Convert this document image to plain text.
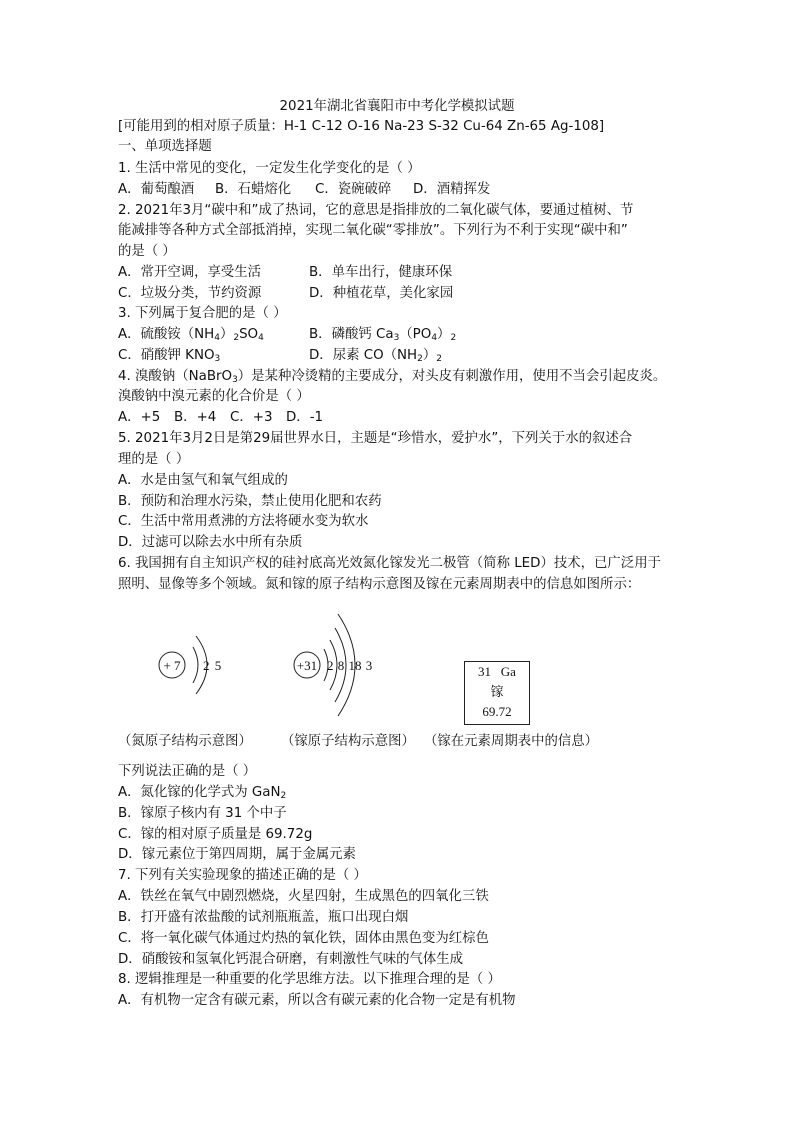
2021年湖北省襄阳市中考化学模拟试题
[可能用到的相对原子质量：H-1 C-12 O-16 Na-23 S-32 Cu-64 Zn-65 Ag-108]
一、单项选择题
1. 生活中常见的变化，一定发生化学变化的是（ ）
A．葡萄酿酒 B．石蜡熔化 C．瓷碗破碎 D．酒精挥发
2. 2021年3月“碳中和”成了热词，它的意思是指排放的二氧化碳气体，要通过植树、节
能减排等各种方式全部抵消掉，实现二氧化碳“零排放”。下列行为不利于实现“碳中和”
的是（ ）
A．常开空调，享受生活	B．单车出行，健康环保
C．垃圾分类，节约资源	D．种植花草，美化家园
3. 下列属于复合肥的是（ ）
A．硫酸铵$(NH_4)_2SO_4$	B．磷酸钙 $Ca_3(PO_4)_2$
C．硝酸钾 $KNO_3$	D．尿素 $CO(NH_2)_2$
4. 溴酸钠（NaBrO$_3$）是某种冷烫精的主要成分，对头皮有刺激作用，使用不当会引起皮炎。
溴酸钠中溴元素的化合价是（ ）
A．+5 B．+4 C．+3 D．-1
5. 2021年3月2日是第29届世界水日，主题是“珍惜水，爱护水”，下列关于水的叙述合
理的是（ ）
A．水是由氢气和氧气组成的
B．预防和治理水污染，禁止使用化肥和农药
C．生活中常用煮沸的方法将硬水变为软水
D．过滤可以除去水中所有杂质
6. 我国拥有自主知识产权的硅衬底高光效氮化镓发光二极管（简称 LED）技术，已广泛用于
照明、显像等多个领域。氮和镓的原子结构示意图及镓在元素周期表中的信息如图所示：
+ 7 2 5	+31 2 8 18 3	31 Ga
镓
69.72
（氮原子结构示意图） （镓原子结构示意图） （镓在元素周期表中的信息）
下列说法正确的是（ ）
A．氮化镓的化学式为 GaN$_2$
B．镓原子核内有 31 个中子
C．镓的相对原子质量是 69.72g
D．镓元素位于第四周期，属于金属元素
7. 下列有关实验现象的描述正确的是（ ）
A．铁丝在氧气中剧烈燃烧，火星四射，生成黑色的四氧化三铁
B．打开盛有浓盐酸的试剂瓶瓶盖，瓶口出现白烟
C．将一氧化碳气体通过灼热的氧化铁，固体由黑色变为红棕色
D．硝酸铵和氢氧化钙混合研磨，有刺激性气味的气体生成
8. 逻辑推理是一种重要的化学思维方法。以下推理合理的是（ ）
A．有机物一定含有碳元素，所以含有碳元素的化合物一定是有机物
